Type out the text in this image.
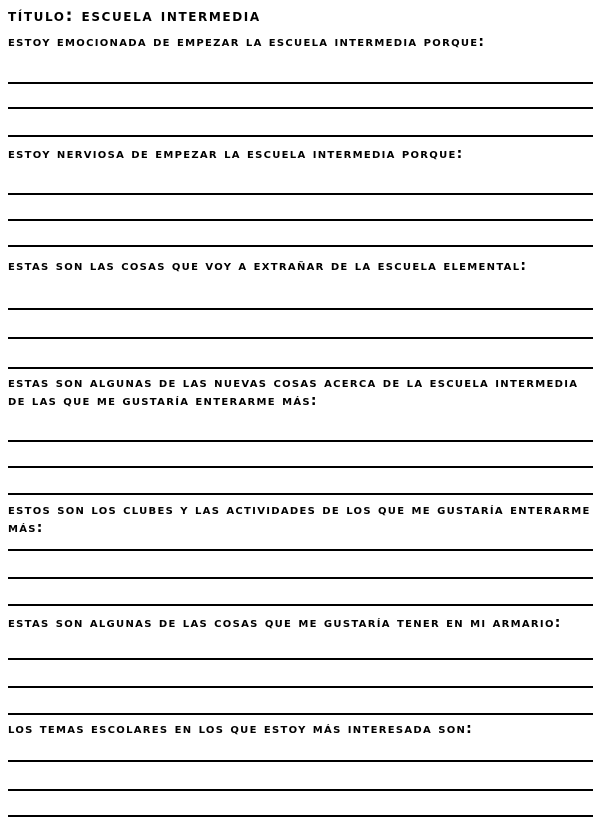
título: escuela intermedia
estoy emocionada de empezar la escuela intermedia porque:
estoy nerviosa de empezar la escuela intermedia porque:
estas son las cosas que voy a extrañar de la escuela elemental:
estas son algunas de las nuevas cosas acerca de la escuela intermedia de las que me gustaría enterarme más:
estos son los clubes y las actividades de los que me gustaría enterarme más:
estas son algunas de las cosas que me gustaría tener en mi armario:
los temas escolares en los que estoy más interesada son:
